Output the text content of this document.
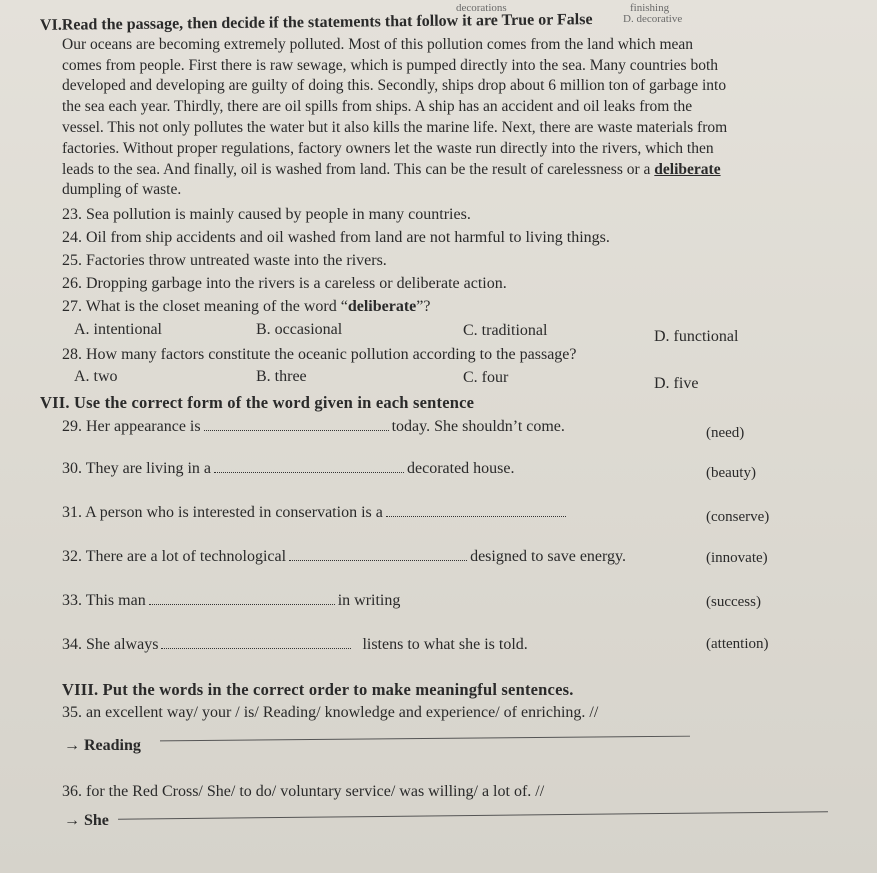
decorations	finishing
D. decorative
VI.Read the passage, then decide if the statements that follow it are True or False
Our oceans are becoming extremely polluted. Most of this pollution comes from the land which mean
comes from people. First there is raw sewage, which is pumped directly into the sea. Many countries both
developed and developing are guilty of doing this. Secondly, ships drop about 6 million ton of garbage into
the sea each year. Thirdly, there are oil spills from ships. A ship has an accident and oil leaks from the
vessel. This not only pollutes the water but it also kills the marine life. Next, there are waste materials from
factories. Without proper regulations, factory owners let the waste run directly into the rivers, which then
leads to the sea. And finally, oil is washed from land. This can be the result of carelessness or a deliberate
dumpling of waste.
23. Sea pollution is mainly caused by people in many countries.
24. Oil from ship accidents and oil washed from land are not harmful to living things.
25. Factories throw untreated waste into the rivers.
26. Dropping garbage into the rivers is a careless or deliberate action.
27. What is the closet meaning of the word “deliberate”?
A. intentional	B. occasional	C. traditional	D. functional
28. How many factors constitute the oceanic pollution according to the passage?
A. two	B. three	C. four	D. five
VII. Use the correct form of the word given in each sentence
29. Her appearance is	today. She shouldn’t come.	(need)
30. They are living in a	decorated house.	(beauty)
31. A person who is interested in conservation is a	(conserve)
32. There are a lot of technological	designed to save energy.	(innovate)
33. This man	in writing	(success)
34. She always	listens to what she is told.	(attention)
VIII. Put the words in the correct order to make meaningful sentences.
35. an excellent way/ your / is/ Reading/ knowledge and experience/ of enriching. //
→ Reading
36. for the Red Cross/ She/ to do/ voluntary service/ was willing/ a lot of. //
→ She
